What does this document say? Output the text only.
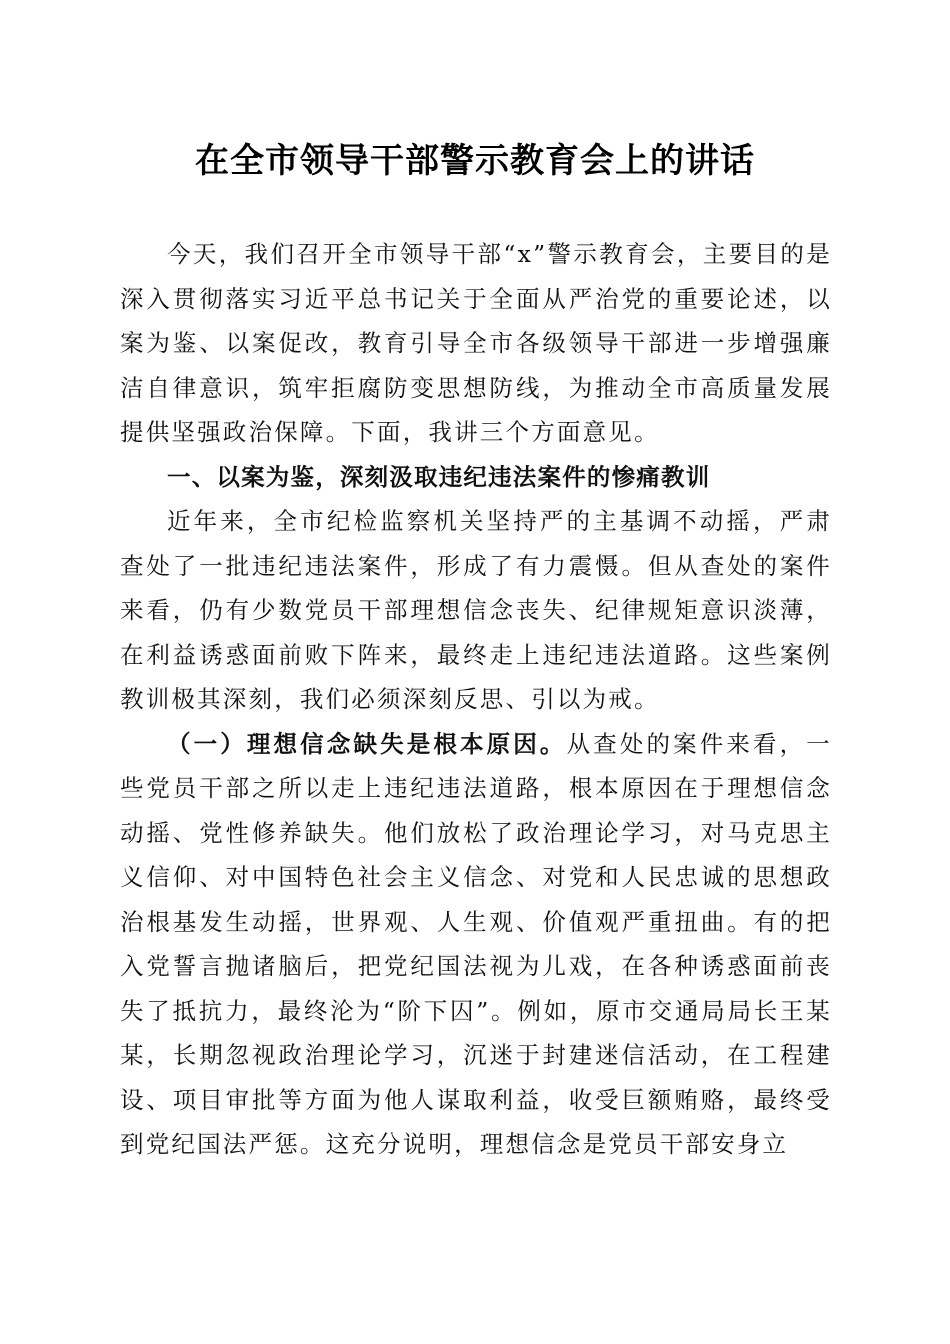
在全市领导干部警示教育会上的讲话

今天，我们召开全市领导干部“x”警示教育会，主要目的是深入贯彻落实习近平总书记关于全面从严治党的重要论述，以案为鉴、以案促改，教育引导全市各级领导干部进一步增强廉洁自律意识，筑牢拒腐防变思想防线，为推动全市高质量发展提供坚强政治保障。下面，我讲三个方面意见。

一、以案为鉴，深刻汲取违纪违法案件的惨痛教训

近年来，全市纪检监察机关坚持严的主基调不动摇，严肃查处了一批违纪违法案件，形成了有力震慑。但从查处的案件来看，仍有少数党员干部理想信念丧失、纪律规矩意识淡薄，在利益诱惑面前败下阵来，最终走上违纪违法道路。这些案例教训极其深刻，我们必须深刻反思、引以为戒。

（一）理想信念缺失是根本原因。从查处的案件来看，一些党员干部之所以走上违纪违法道路，根本原因在于理想信念动摇、党性修养缺失。他们放松了政治理论学习，对马克思主义信仰、对中国特色社会主义信念、对党和人民忠诚的思想政治根基发生动摇，世界观、人生观、价值观严重扭曲。有的把入党誓言抛诸脑后，把党纪国法视为儿戏，在各种诱惑面前丧失了抵抗力，最终沦为“阶下囚”。例如，原市交通局局长王某某，长期忽视政治理论学习，沉迷于封建迷信活动，在工程建设、项目审批等方面为他人谋取利益，收受巨额贿赂，最终受到党纪国法严惩。这充分说明，理想信念是党员干部安身立
